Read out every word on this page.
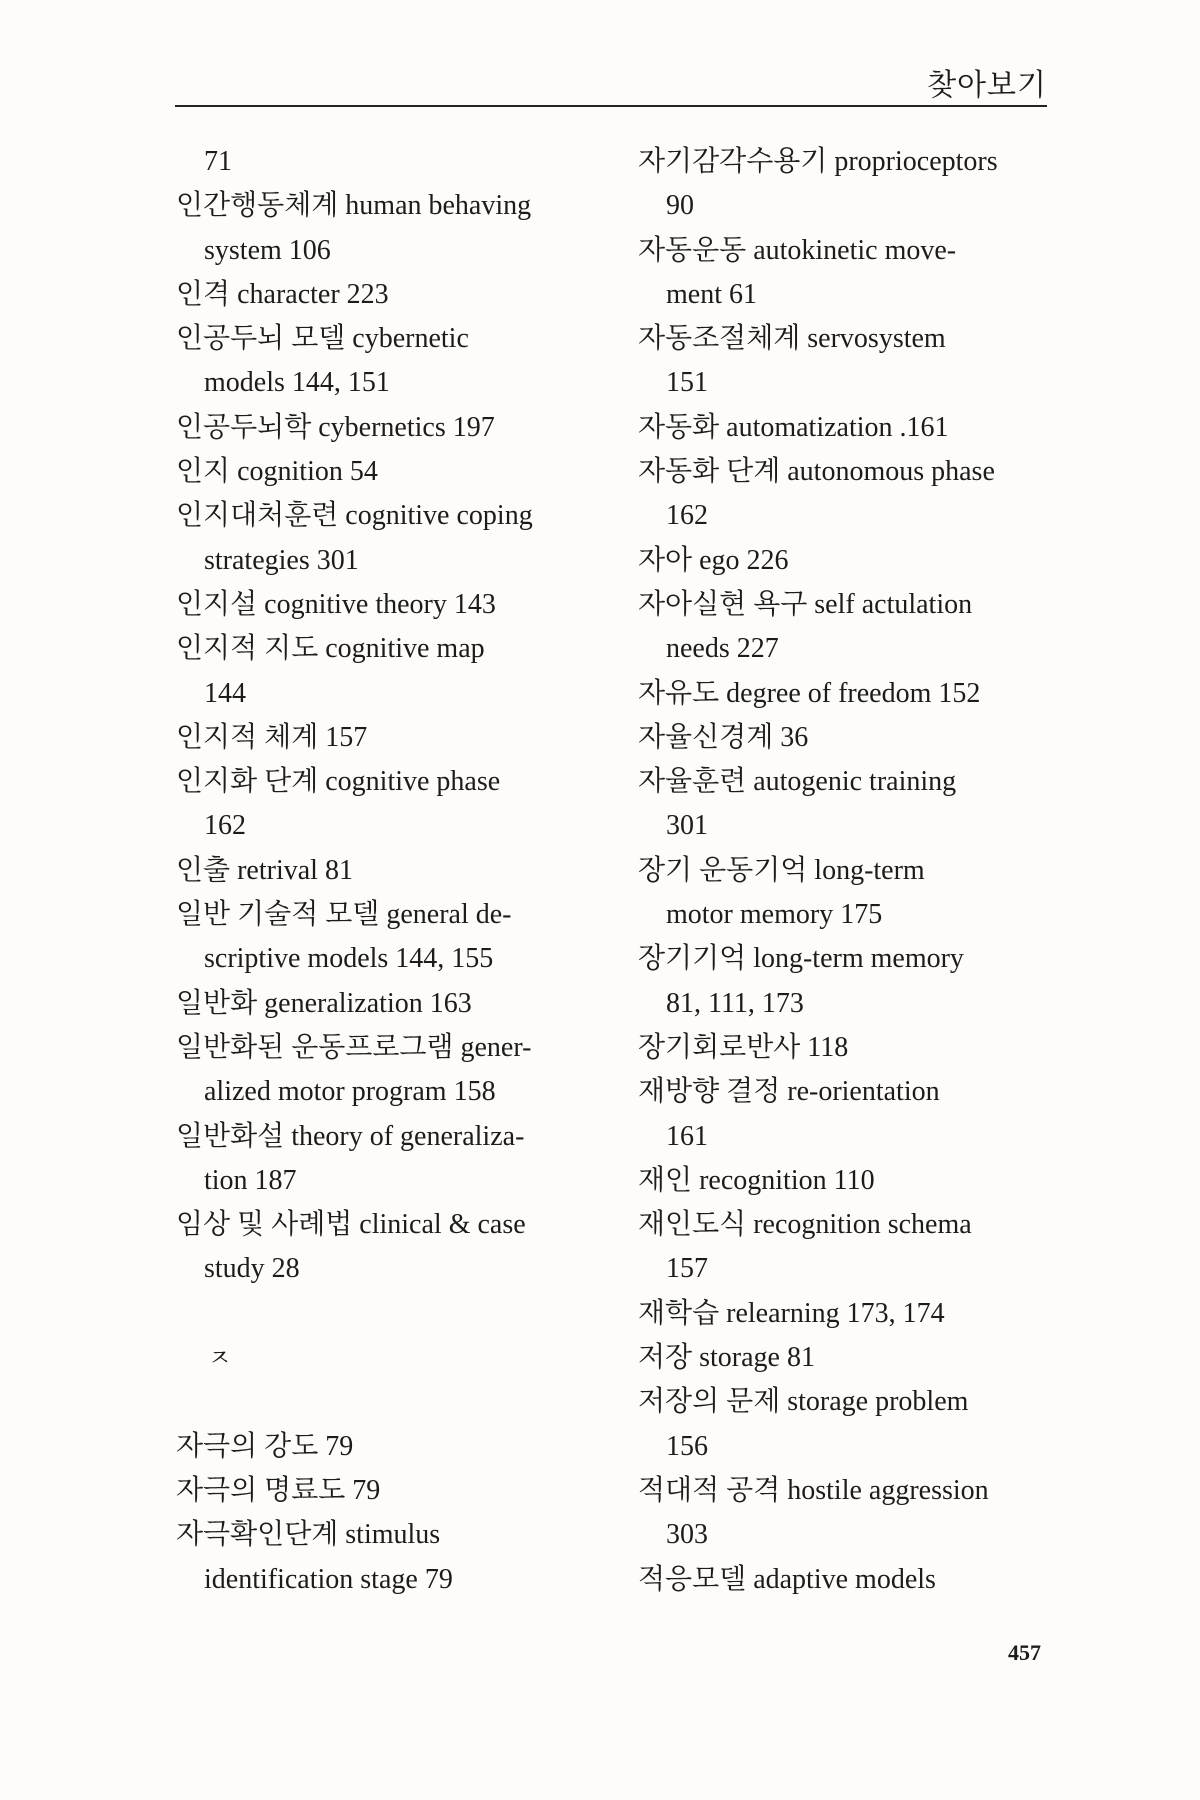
찾아보기
71
인간행동체계 human behaving
system 106
인격 character 223
인공두뇌 모델 cybernetic
models 144, 151
인공두뇌학 cybernetics 197
인지 cognition 54
인지대처훈련 cognitive coping
strategies 301
인지설 cognitive theory 143
인지적 지도 cognitive map
144
인지적 체계 157
인지화 단계 cognitive phase
162
인출 retrival 81
일반 기술적 모델 general de-
scriptive models 144, 155
일반화 generalization 163
일반화된 운동프로그램 gener-
alized motor program 158
일반화설 theory of generaliza-
tion 187
임상 및 사례법 clinical & case
study 28
ㅈ
자극의 강도 79
자극의 명료도 79
자극확인단계 stimulus
identification stage 79
자기감각수용기 proprioceptors
90
자동운동 autokinetic move-
ment 61
자동조절체계 servosystem
151
자동화 automatization .161
자동화 단계 autonomous phase
162
자아 ego 226
자아실현 욕구 self actulation
needs 227
자유도 degree of freedom 152
자율신경계 36
자율훈련 autogenic training
301
장기 운동기억 long-term
motor memory 175
장기기억 long-term memory
81, 111, 173
장기회로반사 118
재방향 결정 re-orientation
161
재인 recognition 110
재인도식 recognition schema
157
재학습 relearning 173, 174
저장 storage 81
저장의 문제 storage problem
156
적대적 공격 hostile aggression
303
적응모델 adaptive models
457
